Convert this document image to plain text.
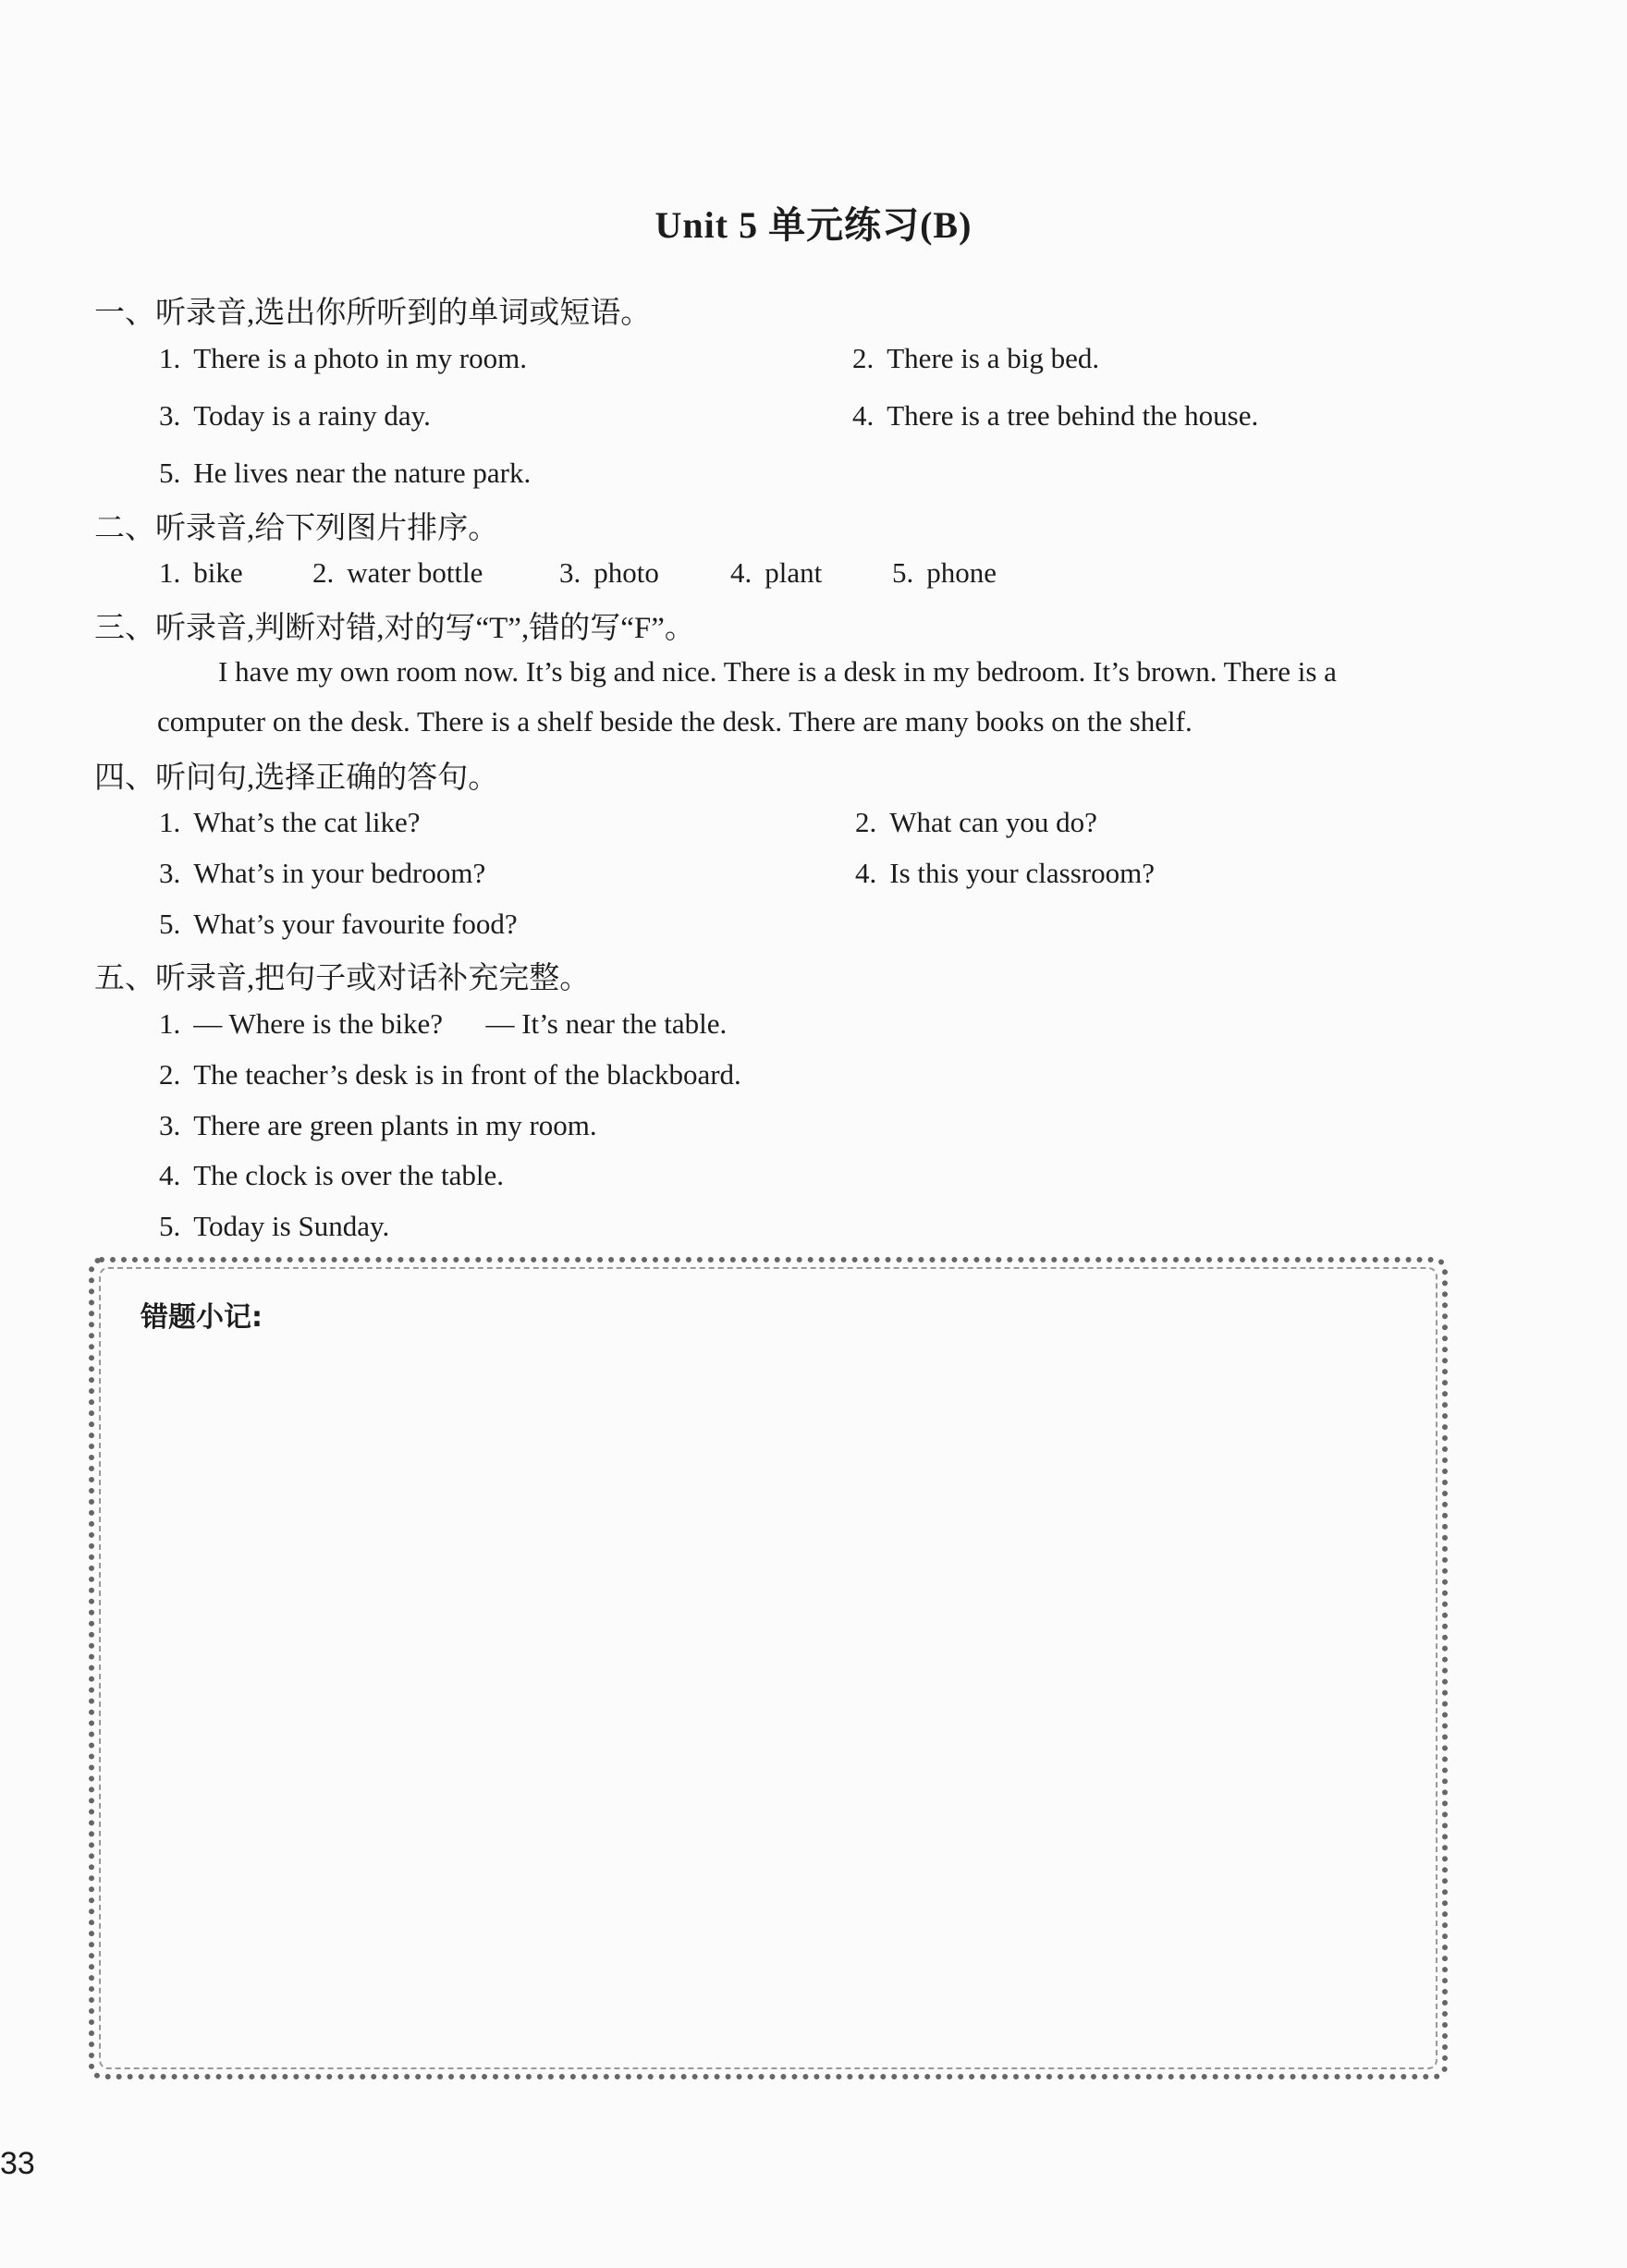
Unit 5 单元练习(B)
一、听录音,选出你所听到的单词或短语。
1. There is a photo in my room.	2. There is a big bed.
3. Today is a rainy day.	4. There is a tree behind the house.
5. He lives near the nature park.
二、听录音,给下列图片排序。
1. bike 2. water bottle	3. photo 4. plant 5. phone
三、听录音,判断对错,对的写“T”,错的写“F”。
I have my own room now. It’s big and nice. There is a desk in my bedroom. It’s brown. There is a computer on the desk. There is a shelf beside the desk. There are many books on the shelf.
四、听问句,选择正确的答句。
1. What’s the cat like?	2. What can you do?
3. What’s in your bedroom?	4. Is this your classroom?
5. What’s your favourite food?
五、听录音,把句子或对话补充完整。
1. — Where is the bike?      — It’s near the table.
2. The teacher’s desk is in front of the blackboard.
3. There are green plants in my room.
4. The clock is over the table.
5. Today is Sunday.
错题小记:
33
